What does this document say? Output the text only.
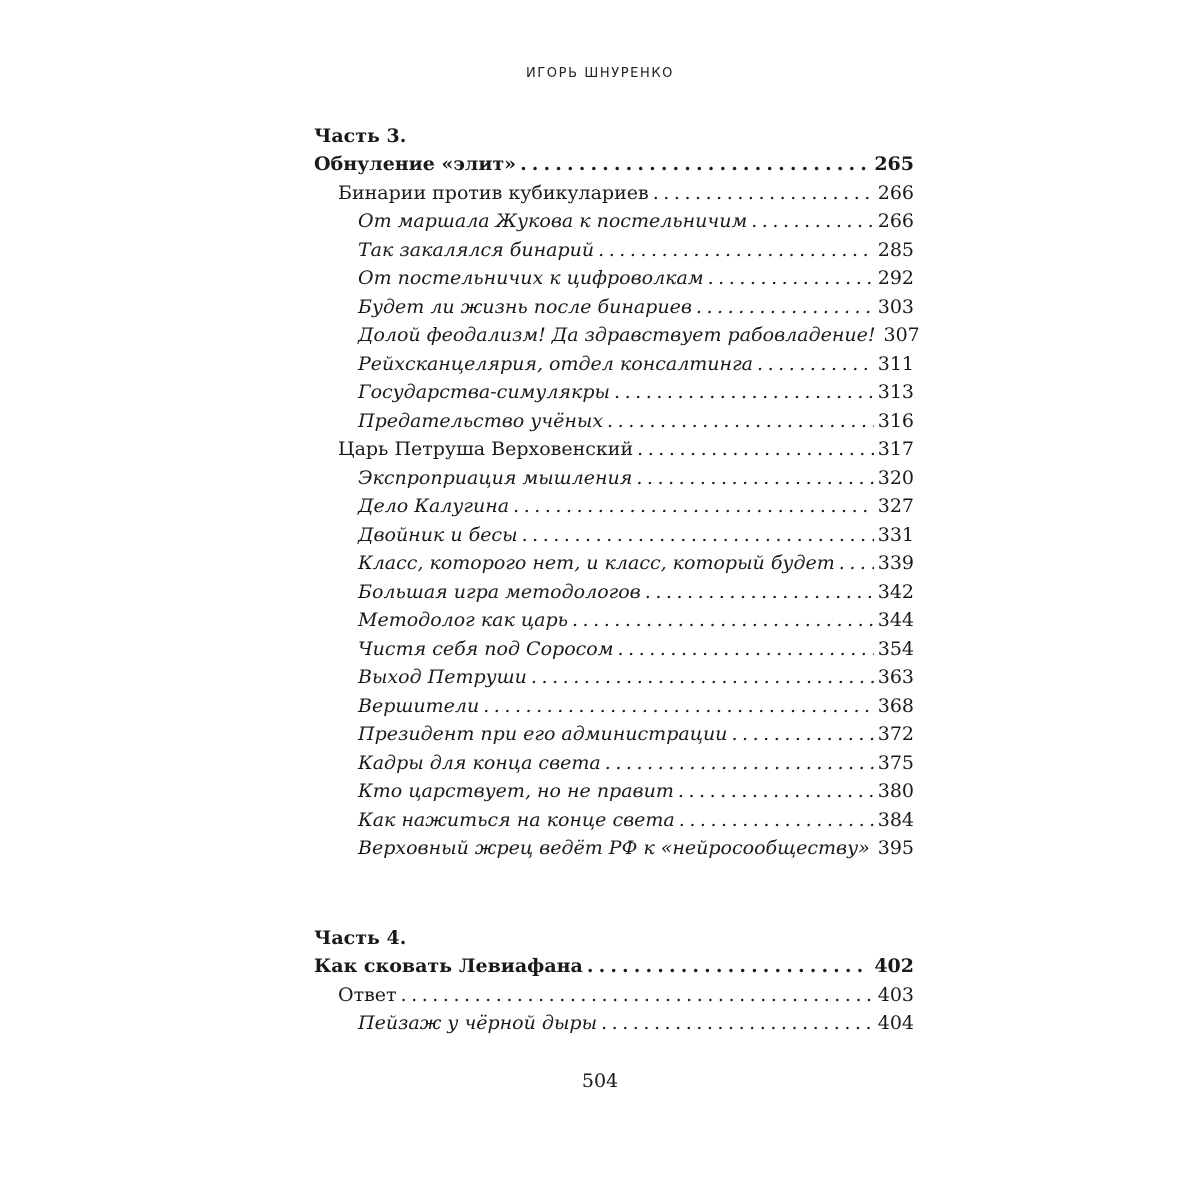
ИГОРЬ ШНУРЕНКО
Часть 3.
Обнуление «элит» . . .	265
Бинарии против кубикулариев . . .	266
От маршала Жукова к постельничим . . .	266
Так закалялся бинарий . . .	285
От постельничих к цифроволкам . . .	292
Будет ли жизнь после бинариев . . .	303
Долой феодализм! Да здравствует рабовладение! 307
Рейхсканцелярия, отдел консалтинга . . .	311
Государства-симулякры . . .	313
Предательство учёных . . .	316
Царь Петруша Верховенский . . .	317
Экспроприация мышления . . .	320
Дело Калугина . . .	327
Двойник и бесы . . .	331
Класс, которого нет, и класс, который будет . . . 339
Большая игра методологов . . .	342
Методолог как царь . . .	344
Чистя себя под Соросом . . .	354
Выход Петруши . . .	363
Вершители . . .	368
Президент при его администрации . . .	372
Кадры для конца света . . .	375
Кто царствует, но не правит . . .	380
Как нажиться на конце света . . .	384
Верховный жрец ведёт РФ к «нейросообществу» 395
Часть 4.
Как сковать Левиафана . . .	402
Ответ . . .	403
Пейзаж у чёрной дыры . . .	404
504
